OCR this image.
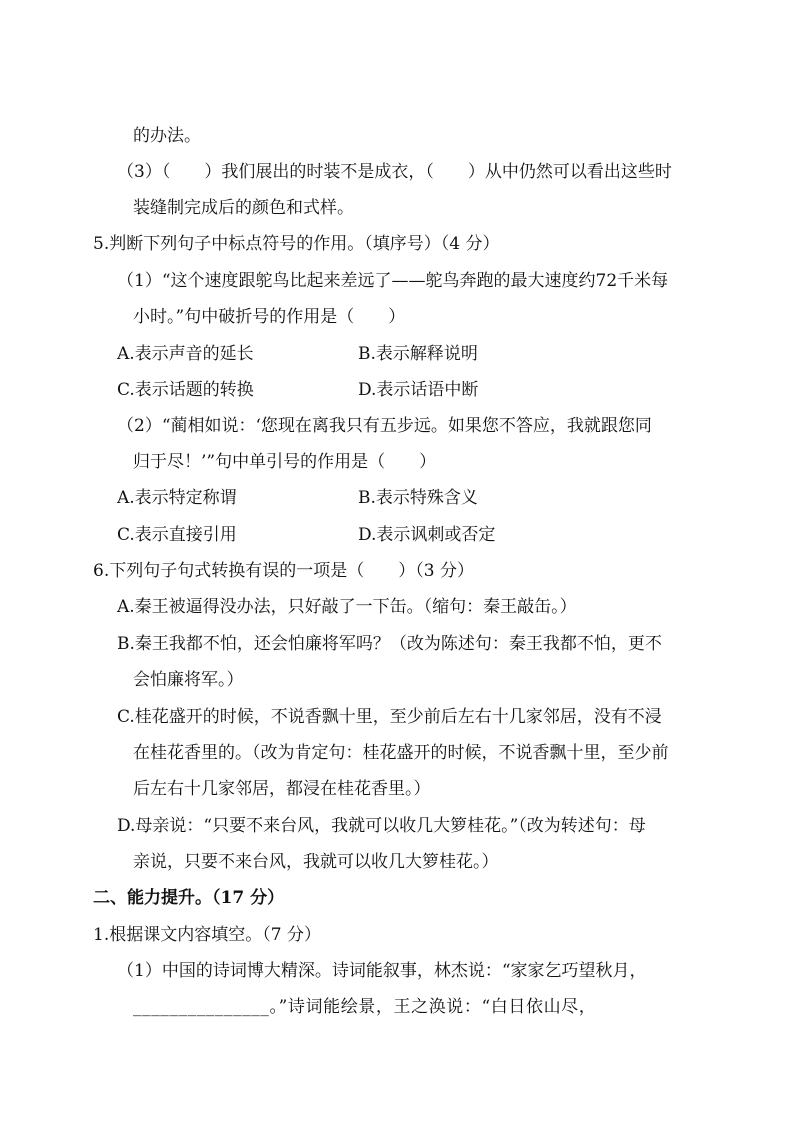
的办法。
（3）（　　）我们展出的时装不是成衣，（　　）从中仍然可以看出这些时
装缝制完成后的颜色和式样。
5.判断下列句子中标点符号的作用。（填序号）（4 分）
（1）“这个速度跟鸵鸟比起来差远了——鸵鸟奔跑的最大速度约72千米每
小时。”句中破折号的作用是（　　）
A.表示声音的延长	B.表示解释说明
C.表示话题的转换	D.表示话语中断
（2）“蔺相如说：‘您现在离我只有五步远。如果您不答应，我就跟您同
归于尽！’”句中单引号的作用是（　　）
A.表示特定称谓	B.表示特殊含义
C.表示直接引用	D.表示讽刺或否定
6.下列句子句式转换有误的一项是（　　）（3 分）
A.秦王被逼得没办法，只好敲了一下缶。（缩句：秦王敲缶。）
B.秦王我都不怕，还会怕廉将军吗？（改为陈述句：秦王我都不怕，更不
会怕廉将军。）
C.桂花盛开的时候，不说香飘十里，至少前后左右十几家邻居，没有不浸
在桂花香里的。（改为肯定句：桂花盛开的时候，不说香飘十里，至少前
后左右十几家邻居，都浸在桂花香里。）
D.母亲说：“只要不来台风，我就可以收几大箩桂花。”（改为转述句：母
亲说，只要不来台风，我就可以收几大箩桂花。）
二、能力提升。（17 分）
1.根据课文内容填空。（7 分）
（1）中国的诗词博大精深。诗词能叙事，林杰说：“家家乞巧望秋月，
_______________。”诗词能绘景，王之涣说：“白日依山尽，
